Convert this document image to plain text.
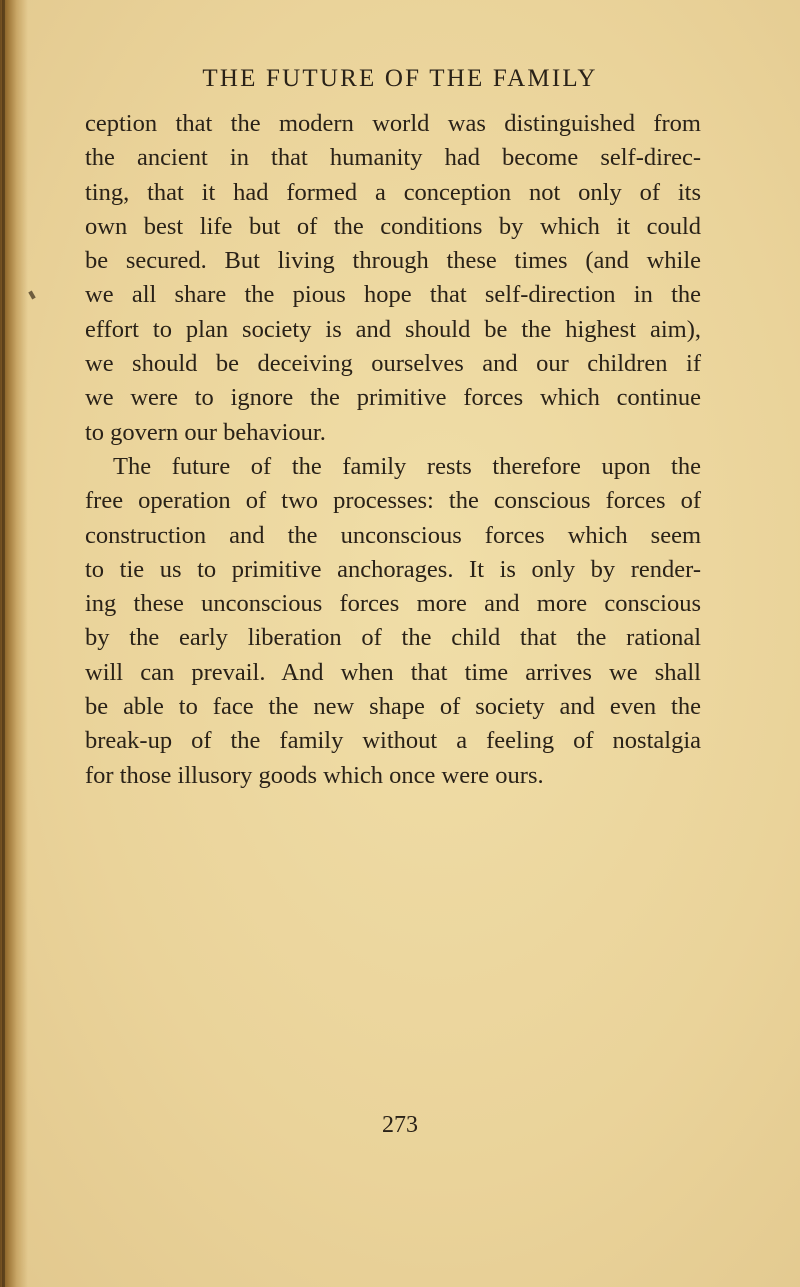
THE FUTURE OF THE FAMILY
ception that the modern world was distinguished from
the ancient in that humanity had become self-direc-
ting, that it had formed a conception not only of its
own best life but of the conditions by which it could
be secured. But living through these times (and while
we all share the pious hope that self-direction in the
effort to plan society is and should be the highest aim),
we should be deceiving ourselves and our children if
we were to ignore the primitive forces which continue
to govern our behaviour.
The future of the family rests therefore upon the
free operation of two processes: the conscious forces of
construction and the unconscious forces which seem
to tie us to primitive anchorages. It is only by render-
ing these unconscious forces more and more conscious
by the early liberation of the child that the rational
will can prevail. And when that time arrives we shall
be able to face the new shape of society and even the
break-up of the family without a feeling of nostalgia
for those illusory goods which once were ours.
273
